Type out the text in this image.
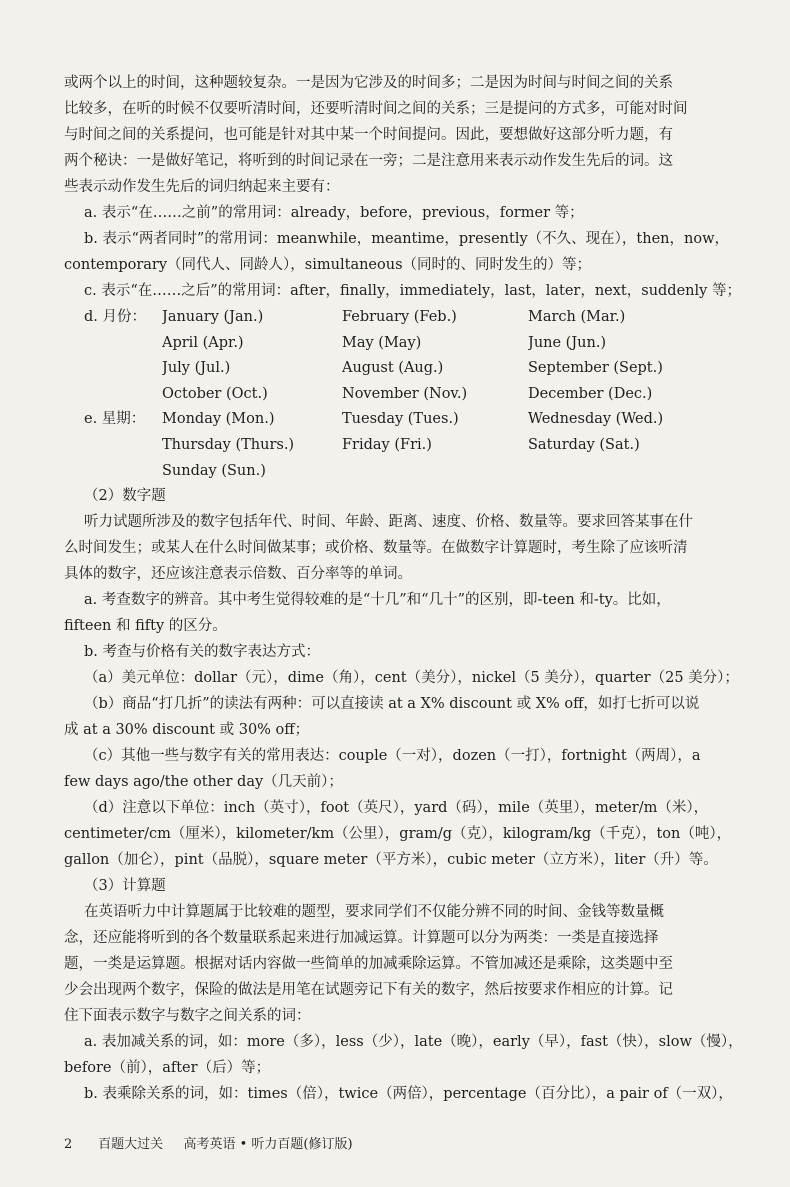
或两个以上的时间，这种题较复杂。一是因为它涉及的时间多；二是因为时间与时间之间的关系
比较多，在听的时候不仅要听清时间，还要听清时间之间的关系；三是提问的方式多，可能对时间
与时间之间的关系提问，也可能是针对其中某一个时间提问。因此，要想做好这部分听力题，有
两个秘诀：一是做好笔记，将听到的时间记录在一旁；二是注意用来表示动作发生先后的词。这
些表示动作发生先后的词归纳起来主要有：
a. 表示“在……之前”的常用词：already，before，previous，former 等；
b. 表示“两者同时”的常用词：meanwhile，meantime，presently（不久、现在），then，now，
contemporary（同代人、同龄人），simultaneous（同时的、同时发生的）等；
c. 表示“在……之后”的常用词：after，finally，immediately，last，later，next，suddenly 等；
d. 月份：	January (Jan.)	February (Feb.)	March (Mar.)
April (Apr.)	May (May)	June (Jun.)
July (Jul.)	August (Aug.)	September (Sept.)
October (Oct.)	November (Nov.)	December (Dec.)
e. 星期：	Monday (Mon.)	Tuesday (Tues.)	Wednesday (Wed.)
Thursday (Thurs.)	Friday (Fri.)	Saturday (Sat.)
Sunday (Sun.)
（2）数字题
听力试题所涉及的数字包括年代、时间、年龄、距离、速度、价格、数量等。要求回答某事在什
么时间发生；或某人在什么时间做某事；或价格、数量等。在做数字计算题时，考生除了应该听清
具体的数字，还应该注意表示倍数、百分率等的单词。
a. 考查数字的辨音。其中考生觉得较难的是“十几”和“几十”的区别，即-teen 和-ty。比如，
fifteen 和 fifty 的区分。
b. 考查与价格有关的数字表达方式：
（a）美元单位：dollar（元），dime（角），cent（美分），nickel（5 美分），quarter（25 美分）；
（b）商品“打几折”的读法有两种：可以直接读 at a X% discount 或 X% off，如打七折可以说
成 at a 30% discount 或 30% off；
（c）其他一些与数字有关的常用表达：couple（一对），dozen（一打），fortnight（两周），a
few days ago/the other day（几天前）；
（d）注意以下单位：inch（英寸），foot（英尺），yard（码），mile（英里），meter/m（米），
centimeter/cm（厘米），kilometer/km（公里），gram/g（克），kilogram/kg（千克），ton（吨），
gallon（加仑），pint（品脱），square meter（平方米），cubic meter（立方米），liter（升）等。
（3）计算题
在英语听力中计算题属于比较难的题型，要求同学们不仅能分辨不同的时间、金钱等数量概
念，还应能将听到的各个数量联系起来进行加减运算。计算题可以分为两类：一类是直接选择
题，一类是运算题。根据对话内容做一些简单的加减乘除运算。不管加减还是乘除，这类题中至
少会出现两个数字，保险的做法是用笔在试题旁记下有关的数字，然后按要求作相应的计算。记
住下面表示数字与数字之间关系的词：
a. 表加减关系的词，如：more（多），less（少），late（晚），early（早），fast（快），slow（慢），
before（前），after（后）等；
b. 表乘除关系的词，如：times（倍），twice（两倍），percentage（百分比），a pair of（一双），
2 百题大过关 高考英语 • 听力百题(修订版)
